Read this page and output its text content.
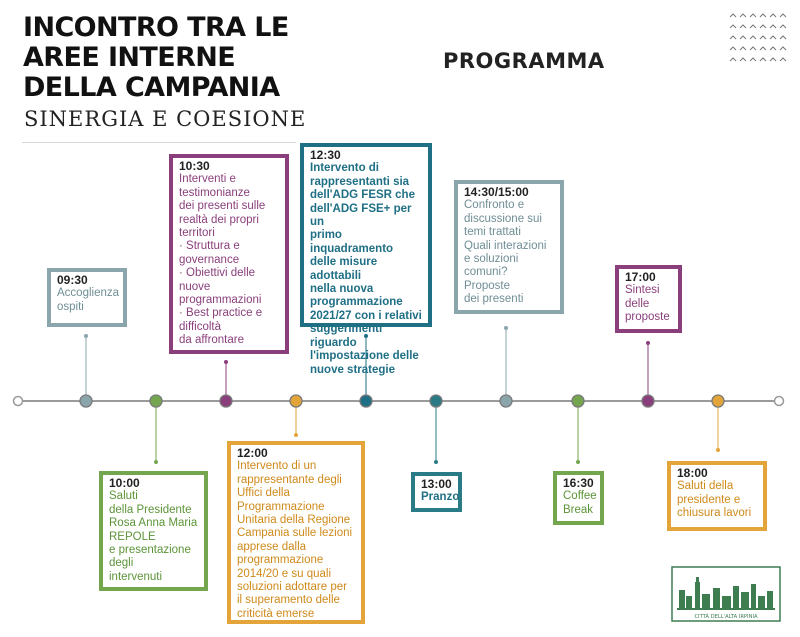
INCONTRO TRA LE
AREE INTERNE
DELLA CAMPANIA
SINERGIA E COESIONE
PROGRAMMA
09:30
Accoglienza
ospiti
10:00
Saluti
della Presidente
Rosa Anna Maria
REPOLE
e presentazione
degli
intervenuti
10:30
Interventi e
testimonianze
dei presenti sulle
realtà dei propri
territori
· Struttura e
governance
· Obiettivi delle
nuove
programmazioni
· Best practice e
difficoltà
da affrontare
12:00
Intervento di un
rappresentante degli
Uffici della
Programmazione
Unitaria della Regione
Campania sulle lezioni
apprese dalla
programmazione
2014/20 e su quali
soluzioni adottare per
il superamento delle
criticità emerse
12:30
Intervento di
rappresentanti sia
dell'ADG FESR che
dell'ADG FSE+ per un
primo inquadramento
delle misure adottabili
nella nuova
programmazione
2021/27 con i relativi
suggerimenti riguardo
l'impostazione delle
nuove strategie
13:00
Pranzo
14:30/15:00
Confronto e
discussione sui
temi trattati
Quali interazioni
e soluzioni
comuni?
Proposte
dei presenti
16:30
Coffee
Break
17:00
Sintesi
delle
proposte
18:00
Saluti della
presidente e
chiusura lavori
CITTÀ DELL'ALTA IRPINIA
